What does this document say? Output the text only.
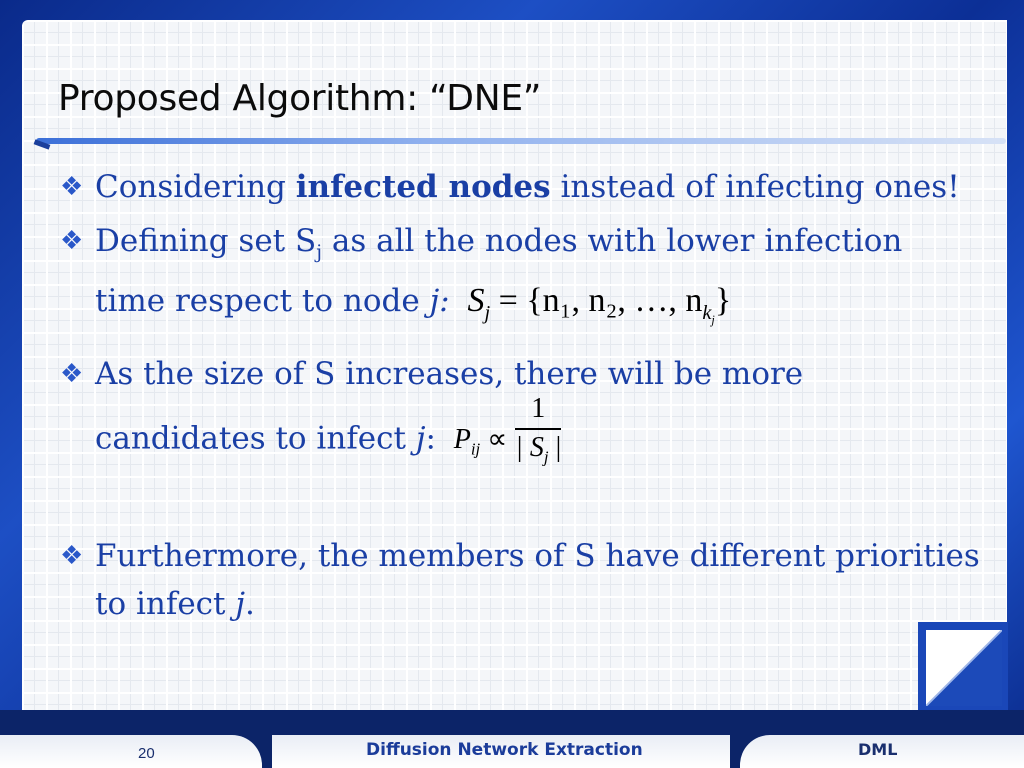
Proposed Algorithm: “DNE”
❖ Considering infected nodes instead of infecting ones!
❖ Defining set $S_j$ as all the nodes with lower infection time respect to node j: $S_j = \{n_1$, n₂, …, $n_{k_j}$}
❖ As the size of S increases, there will be more candidates to infect j: $P_{ij} \propto \frac{1}{| S_j |}$
❖ Furthermore, the members of S have different priorities to infect j.
20	Diffusion Network Extraction	DML
